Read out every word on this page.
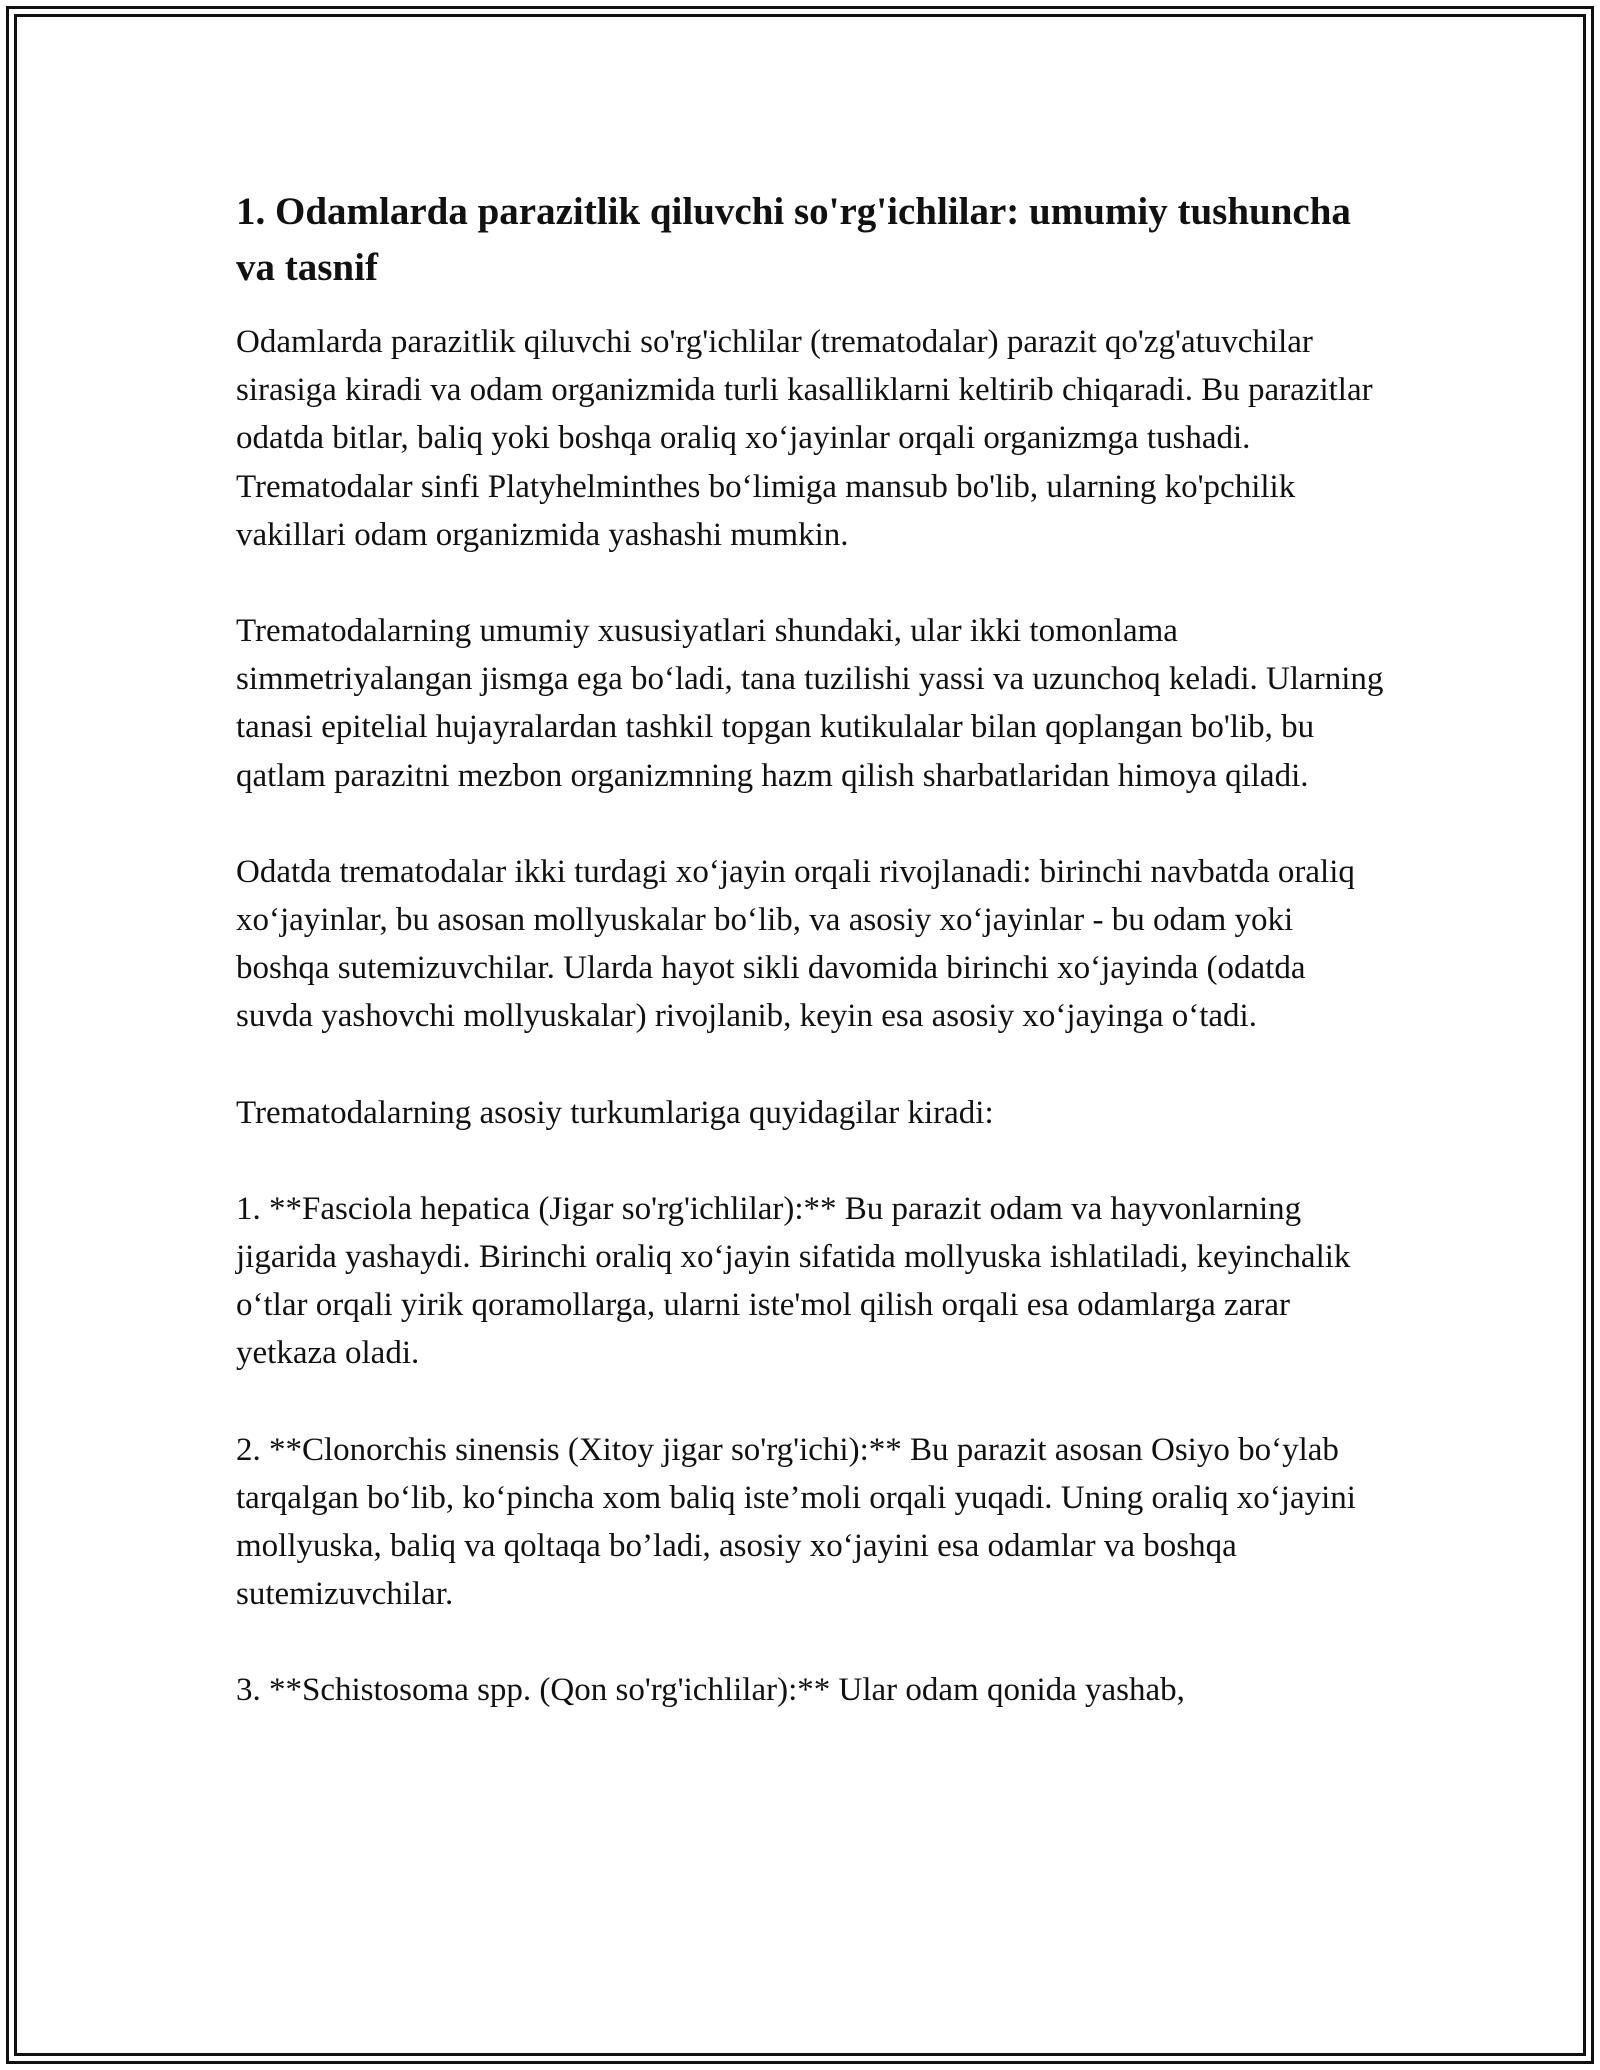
1. Odamlarda parazitlik qiluvchi so'rg'ichlilar: umumiy tushuncha va tasnif

Odamlarda parazitlik qiluvchi so'rg'ichlilar (trematodalar) parazit qo'zg'atuvchilar sirasiga kiradi va odam organizmida turli kasalliklarni keltirib chiqaradi. Bu parazitlar odatda bitlar, baliq yoki boshqa oraliq xo‘jayinlar orqali organizmga tushadi. Trematodalar sinfi Platyhelminthes bo‘limiga mansub bo'lib, ularning ko'pchilik vakillari odam organizmida yashashi mumkin.

Trematodalarning umumiy xususiyatlari shundaki, ular ikki tomonlama simmetriyalangan jismga ega bo‘ladi, tana tuzilishi yassi va uzunchoq keladi. Ularning tanasi epitelial hujayralardan tashkil topgan kutikulalar bilan qoplangan bo'lib, bu qatlam parazitni mezbon organizmning hazm qilish sharbatlaridan himoya qiladi.

Odatda trematodalar ikki turdagi xo‘jayin orqali rivojlanadi: birinchi navbatda oraliq xo‘jayinlar, bu asosan mollyuskalar bo‘lib, va asosiy xo‘jayinlar - bu odam yoki boshqa sutemizuvchilar. Ularda hayot sikli davomida birinchi xo‘jayinda (odatda suvda yashovchi mollyuskalar) rivojlanib, keyin esa asosiy xo‘jayinga o‘tadi.

Trematodalarning asosiy turkumlariga quyidagilar kiradi:

1. **Fasciola hepatica (Jigar so'rg'ichlilar):** Bu parazit odam va hayvonlarning jigarida yashaydi. Birinchi oraliq xo‘jayin sifatida mollyuska ishlatiladi, keyinchalik o‘tlar orqali yirik qoramollarga, ularni iste'mol qilish orqali esa odamlarga zarar yetkaza oladi.

2. **Clonorchis sinensis (Xitoy jigar so'rg'ichi):** Bu parazit asosan Osiyo bo‘ylab tarqalgan bo‘lib, ko‘pincha xom baliq iste’moli orqali yuqadi. Uning oraliq xo‘jayini mollyuska, baliq va qoltaqa bo’ladi, asosiy xo‘jayini esa odamlar va boshqa sutemizuvchilar.

3. **Schistosoma spp. (Qon so'rg'ichlilar):** Ular odam qonida yashab,
